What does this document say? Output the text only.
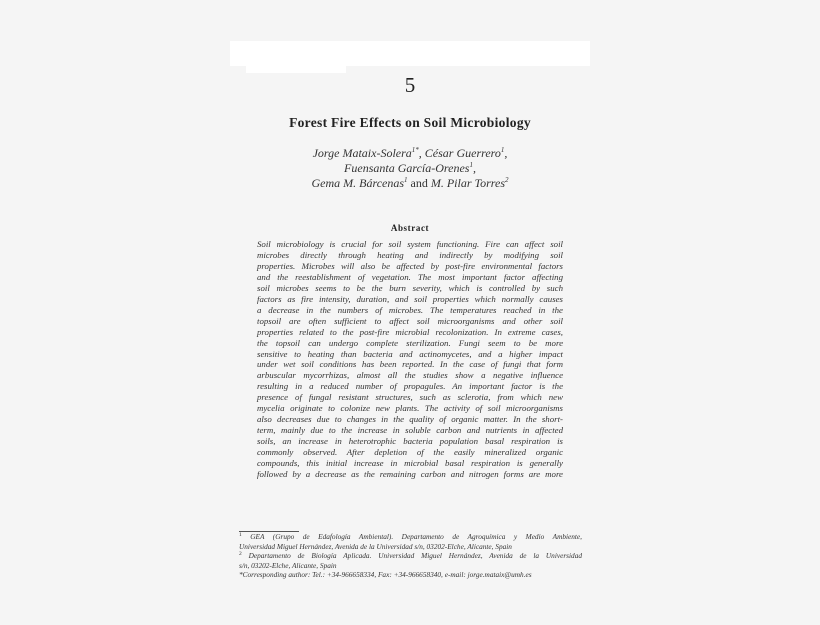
5
Forest Fire Effects on Soil Microbiology
Jorge Mataix-Solera$^{1*}$, César Guerrero$^1$,
Fuensanta García-Orenes$^1$,
Gema M. Bárcenas$^1$ and M. Pilar Torres$^2$
Abstract
Soil microbiology is crucial for soil system functioning. Fire can affect soil
microbes directly through heating and indirectly by modifying soil
properties. Microbes will also be affected by post-fire environmental factors
and the reestablishment of vegetation. The most important factor affecting
soil microbes seems to be the burn severity, which is controlled by such
factors as fire intensity, duration, and soil properties which normally causes
a decrease in the numbers of microbes. The temperatures reached in the
topsoil are often sufficient to affect soil microorganisms and other soil
properties related to the post-fire microbial recolonization. In extreme cases,
the topsoil can undergo complete sterilization. Fungi seem to be more
sensitive to heating than bacteria and actinomycetes, and a higher impact
under wet soil conditions has been reported. In the case of fungi that form
arbuscular mycorrhizas, almost all the studies show a negative influence
resulting in a reduced number of propagules. An important factor is the
presence of fungal resistant structures, such as sclerotia, from which new
mycelia originate to colonize new plants. The activity of soil microorganisms
also decreases due to changes in the quality of organic matter. In the short-
term, mainly due to the increase in soluble carbon and nutrients in affected
soils, an increase in heterotrophic bacteria population basal respiration is
commonly observed. After depletion of the easily mineralized organic
compounds, this initial increase in microbial basal respiration is generally
followed by a decrease as the remaining carbon and nitrogen forms are more
$^1$ GEA (Grupo de Edafología Ambiental). Departamento de Agroquímica y Medio Ambiente,
Universidad Miguel Hernández, Avenida de la Universidad s/n, 03202-Elche, Alicante, Spain
$^2$ Departamento de Biología Aplicada. Universidad Miguel Hernández, Avenida de la Universidad
s/n, 03202-Elche, Alicante, Spain
*Corresponding author: Tel.: +34-966658334, Fax: +34-966658340, e-mail: jorge.mataix@umh.es
